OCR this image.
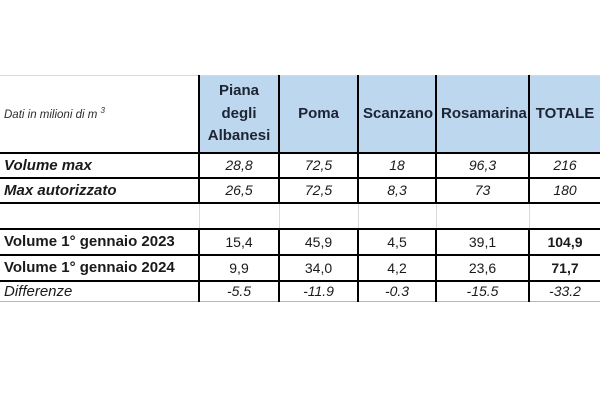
Dati in milioni di m $^3$	Piana degli Albanesi	Poma	Scanzano	Rosamarina	TOTALE
Volume max	28,8	72,5	18	96,3	216
Max autorizzato	26,5	72,5	8,3	73	180

Volume 1° gennaio 2023	15,4	45,9	4,5	39,1	104,9
Volume 1° gennaio 2024	9,9	34,0	4,2	23,6	71,7
Differenze	-5.5	-11.9	-0.3	-15.5	-33.2
